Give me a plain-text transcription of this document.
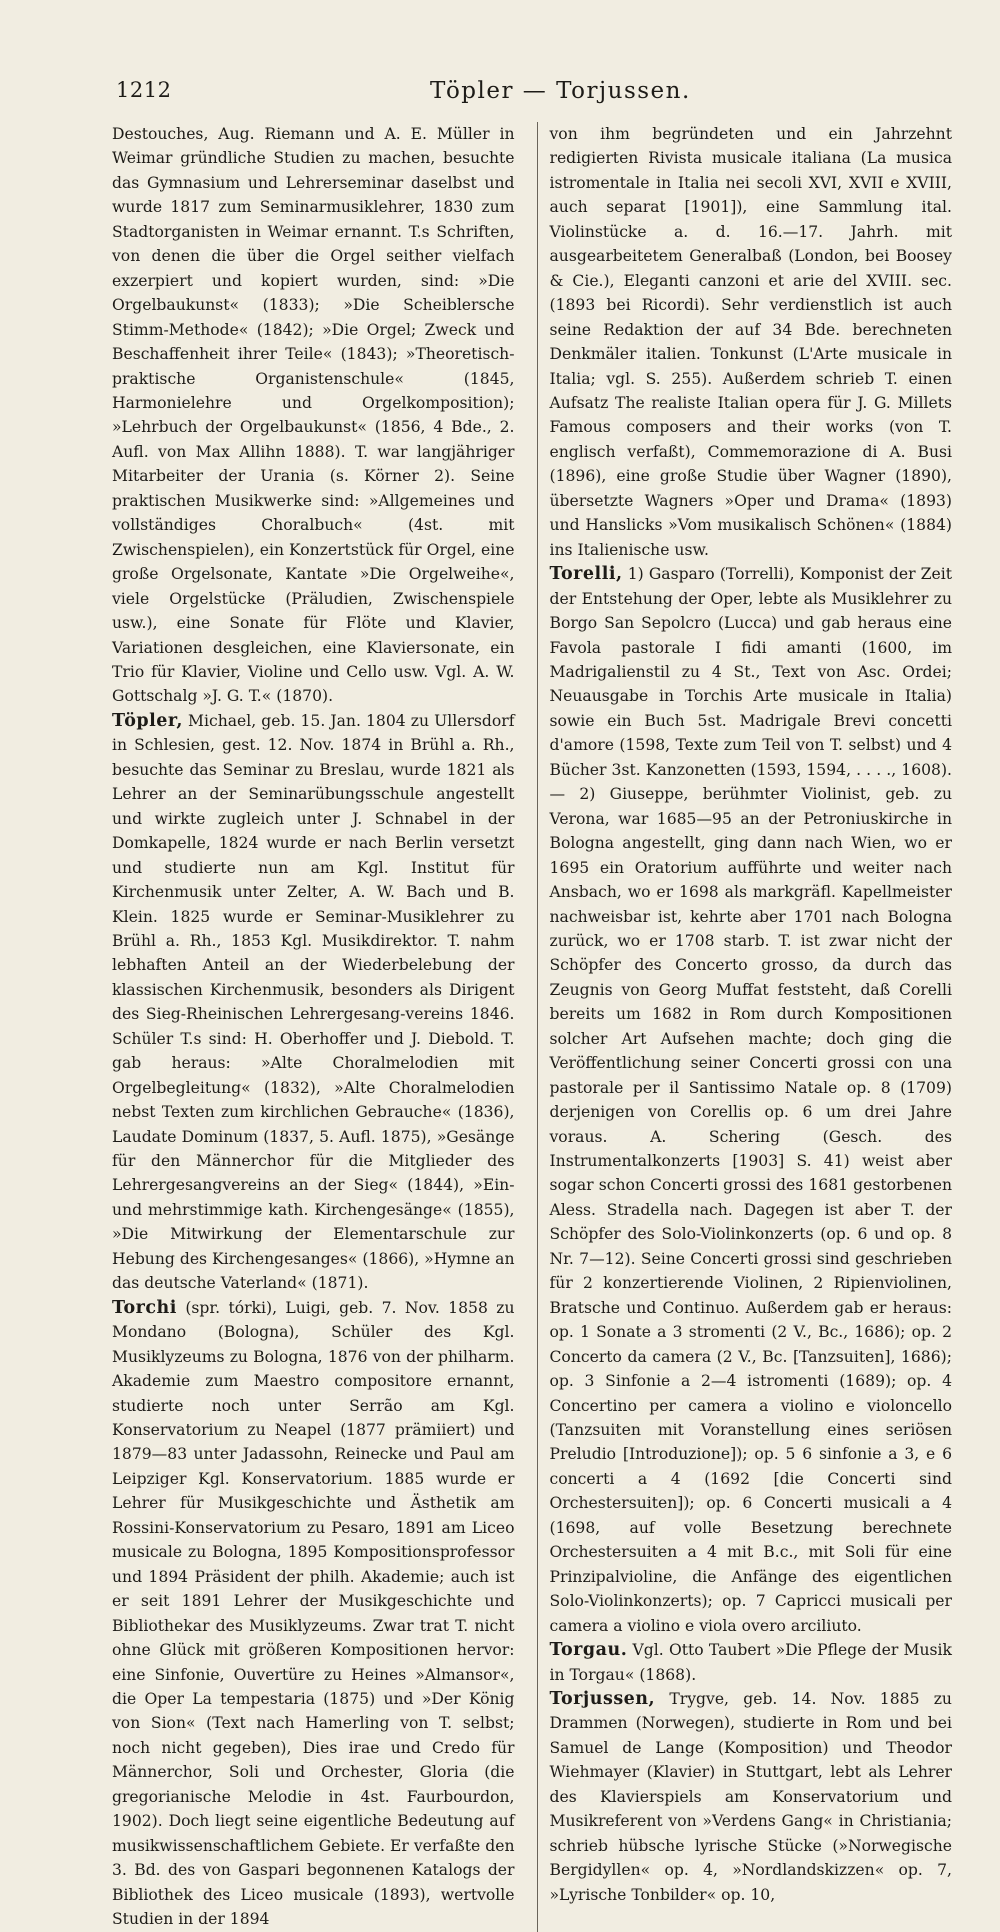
1212	Töpler — Torjussen.

Destouches, Aug. Riemann und A. E. Müller in Weimar gründliche Studien zu machen, besuchte das Gymnasium und Lehrerseminar daselbst und wurde 1817 zum Seminarmusiklehrer, 1830 zum Stadtorganisten in Weimar ernannt. T.s Schriften, von denen die über die Orgel seither vielfach exzerpiert und kopiert wurden, sind: »Die Orgelbaukunst« (1833); »Die Scheiblersche Stimm-Methode« (1842); »Die Orgel; Zweck und Beschaffenheit ihrer Teile« (1843); »Theoretisch-praktische Organistenschule« (1845, Harmonielehre und Orgelkomposition); »Lehrbuch der Orgelbaukunst« (1856, 4 Bde., 2. Aufl. von Max Allihn 1888). T. war langjähriger Mitarbeiter der Urania (s. Körner 2). Seine praktischen Musikwerke sind: »Allgemeines und vollständiges Choralbuch« (4st. mit Zwischenspielen), ein Konzertstück für Orgel, eine große Orgelsonate, Kantate »Die Orgelweihe«, viele Orgelstücke (Präludien, Zwischenspiele usw.), eine Sonate für Flöte und Klavier, Variationen desgleichen, eine Klaviersonate, ein Trio für Klavier, Violine und Cello usw. Vgl. A. W. Gottschalg »J. G. T.« (1870).

Töpler, Michael, geb. 15. Jan. 1804 zu Ullersdorf in Schlesien, gest. 12. Nov. 1874 in Brühl a. Rh., besuchte das Seminar zu Breslau, wurde 1821 als Lehrer an der Seminarübungsschule angestellt und wirkte zugleich unter J. Schnabel in der Domkapelle, 1824 wurde er nach Berlin versetzt und studierte nun am Kgl. Institut für Kirchenmusik unter Zelter, A. W. Bach und B. Klein. 1825 wurde er Seminar-Musiklehrer zu Brühl a. Rh., 1853 Kgl. Musikdirektor. T. nahm lebhaften Anteil an der Wiederbelebung der klassischen Kirchenmusik, besonders als Dirigent des Sieg-Rheinischen Lehrergesang-vereins 1846. Schüler T.s sind: H. Oberhoffer und J. Diebold. T. gab heraus: »Alte Choralmelodien mit Orgelbegleitung« (1832), »Alte Choralmelodien nebst Texten zum kirchlichen Gebrauche« (1836), Laudate Dominum (1837, 5. Aufl. 1875), »Gesänge für den Männerchor für die Mitglieder des Lehrergesangvereins an der Sieg« (1844), »Ein- und mehrstimmige kath. Kirchengesänge« (1855), »Die Mitwirkung der Elementarschule zur Hebung des Kirchengesanges« (1866), »Hymne an das deutsche Vaterland« (1871).

Torchi (spr. tórki), Luigi, geb. 7. Nov. 1858 zu Mondano (Bologna), Schüler des Kgl. Musiklyzeums zu Bologna, 1876 von der philharm. Akademie zum Maestro compositore ernannt, studierte noch unter Serrão am Kgl. Konservatorium zu Neapel (1877 prämiiert) und 1879—83 unter Jadassohn, Reinecke und Paul am Leipziger Kgl. Konservatorium. 1885 wurde er Lehrer für Musikgeschichte und Ästhetik am Rossini-Konservatorium zu Pesaro, 1891 am Liceo musicale zu Bologna, 1895 Kompositionsprofessor und 1894 Präsident der philh. Akademie; auch ist er seit 1891 Lehrer der Musikgeschichte und Bibliothekar des Musiklyzeums. Zwar trat T. nicht ohne Glück mit größeren Kompositionen hervor: eine Sinfonie, Ouvertüre zu Heines »Almansor«, die Oper La tempestaria (1875) und »Der König von Sion« (Text nach Hamerling von T. selbst; noch nicht gegeben), Dies irae und Credo für Männerchor, Soli und Orchester, Gloria (die gregorianische Melodie in 4st. Faurbourdon, 1902). Doch liegt seine eigentliche Bedeutung auf musikwissenschaftlichem Gebiete. Er verfaßte den 3. Bd. des von Gaspari begonnenen Katalogs der Bibliothek des Liceo musicale (1893), wertvolle Studien in der 1894

von ihm begründeten und ein Jahrzehnt redigierten Rivista musicale italiana (La musica istromentale in Italia nei secoli XVI, XVII e XVIII, auch separat [1901]), eine Sammlung ital. Violinstücke a. d. 16.—17. Jahrh. mit ausgearbeitetem Generalbaß (London, bei Boosey & Cie.), Eleganti canzoni et arie del XVIII. sec. (1893 bei Ricordi). Sehr verdienstlich ist auch seine Redaktion der auf 34 Bde. berechneten Denkmäler italien. Tonkunst (L'Arte musicale in Italia; vgl. S. 255). Außerdem schrieb T. einen Aufsatz The realiste Italian opera für J. G. Millets Famous composers and their works (von T. englisch verfaßt), Commemorazione di A. Busi (1896), eine große Studie über Wagner (1890), übersetzte Wagners »Oper und Drama« (1893) und Hanslicks »Vom musikalisch Schönen« (1884) ins Italienische usw.

Torelli, 1) Gasparo (Torrelli), Komponist der Zeit der Entstehung der Oper, lebte als Musiklehrer zu Borgo San Sepolcro (Lucca) und gab heraus eine Favola pastorale I fidi amanti (1600, im Madrigalienstil zu 4 St., Text von Asc. Ordei; Neuausgabe in Torchis Arte musicale in Italia) sowie ein Buch 5st. Madrigale Brevi concetti d'amore (1598, Texte zum Teil von T. selbst) und 4 Bücher 3st. Kanzonetten (1593, 1594, . . . ., 1608). — 2) Giuseppe, berühmter Violinist, geb. zu Verona, war 1685—95 an der Petroniuskirche in Bologna angestellt, ging dann nach Wien, wo er 1695 ein Oratorium aufführte und weiter nach Ansbach, wo er 1698 als markgräfl. Kapellmeister nachweisbar ist, kehrte aber 1701 nach Bologna zurück, wo er 1708 starb. T. ist zwar nicht der Schöpfer des Concerto grosso, da durch das Zeugnis von Georg Muffat feststeht, daß Corelli bereits um 1682 in Rom durch Kompositionen solcher Art Aufsehen machte; doch ging die Veröffentlichung seiner Concerti grossi con una pastorale per il Santissimo Natale op. 8 (1709) derjenigen von Corellis op. 6 um drei Jahre voraus. A. Schering (Gesch. des Instrumentalkonzerts [1903] S. 41) weist aber sogar schon Concerti grossi des 1681 gestorbenen Aless. Stradella nach. Dagegen ist aber T. der Schöpfer des Solo-Violinkonzerts (op. 6 und op. 8 Nr. 7—12). Seine Concerti grossi sind geschrieben für 2 konzertierende Violinen, 2 Ripienviolinen, Bratsche und Continuo. Außerdem gab er heraus: op. 1 Sonate a 3 stromenti (2 V., Bc., 1686); op. 2 Concerto da camera (2 V., Bc. [Tanzsuiten], 1686); op. 3 Sinfonie a 2—4 istromenti (1689); op. 4 Concertino per camera a violino e violoncello (Tanzsuiten mit Voranstellung eines seriösen Preludio [Introduzione]); op. 5 6 sinfonie a 3, e 6 concerti a 4 (1692 [die Concerti sind Orchestersuiten]); op. 6 Concerti musicali a 4 (1698, auf volle Besetzung berechnete Orchestersuiten a 4 mit B.c., mit Soli für eine Prinzipalvioline, die Anfänge des eigentlichen Solo-Violinkonzerts); op. 7 Capricci musicali per camera a violino e viola overo arciliuto.

Torgau. Vgl. Otto Taubert »Die Pflege der Musik in Torgau« (1868).

Torjussen, Trygve, geb. 14. Nov. 1885 zu Drammen (Norwegen), studierte in Rom und bei Samuel de Lange (Komposition) und Theodor Wiehmayer (Klavier) in Stuttgart, lebt als Lehrer des Klavierspiels am Konservatorium und Musikreferent von »Verdens Gang« in Christiania; schrieb hübsche lyrische Stücke (»Norwegische Bergidyllen« op. 4, »Nordlandskizzen« op. 7, »Lyrische Tonbilder« op. 10,
